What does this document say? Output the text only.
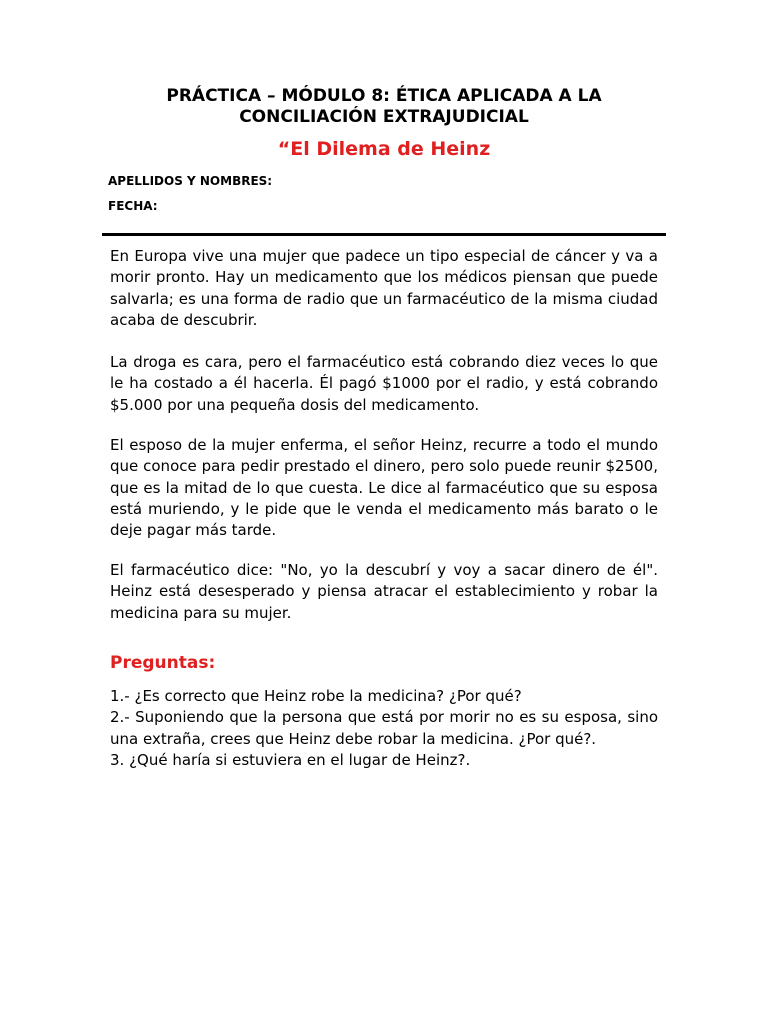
PRÁCTICA – MÓDULO 8: ÉTICA APLICADA A LA
CONCILIACIÓN EXTRAJUDICIAL
“El Dilema de Heinz
APELLIDOS Y NOMBRES:
FECHA:

En Europa vive una mujer que padece un tipo especial de cáncer y va a morir pronto. Hay un medicamento que los médicos piensan que puede salvarla; es una forma de radio que un farmacéutico de la misma ciudad acaba de descubrir.

La droga es cara, pero el farmacéutico está cobrando diez veces lo que le ha costado a él hacerla. Él pagó $1000 por el radio, y está cobrando $5.000 por una pequeña dosis del medicamento.

El esposo de la mujer enferma, el señor Heinz, recurre a todo el mundo que conoce para pedir prestado el dinero, pero solo puede reunir $2500, que es la mitad de lo que cuesta. Le dice al farmacéutico que su esposa está muriendo, y le pide que le venda el medicamento más barato o le deje pagar más tarde.

El farmacéutico dice: "No, yo la descubrí y voy a sacar dinero de él". Heinz está desesperado y piensa atracar el establecimiento y robar la medicina para su mujer.

Preguntas:
1.- ¿Es correcto que Heinz robe la medicina? ¿Por qué?
2.- Suponiendo que la persona que está por morir no es su esposa, sino una extraña, crees que Heinz debe robar la medicina. ¿Por qué?.
3. ¿Qué haría si estuviera en el lugar de Heinz?.
